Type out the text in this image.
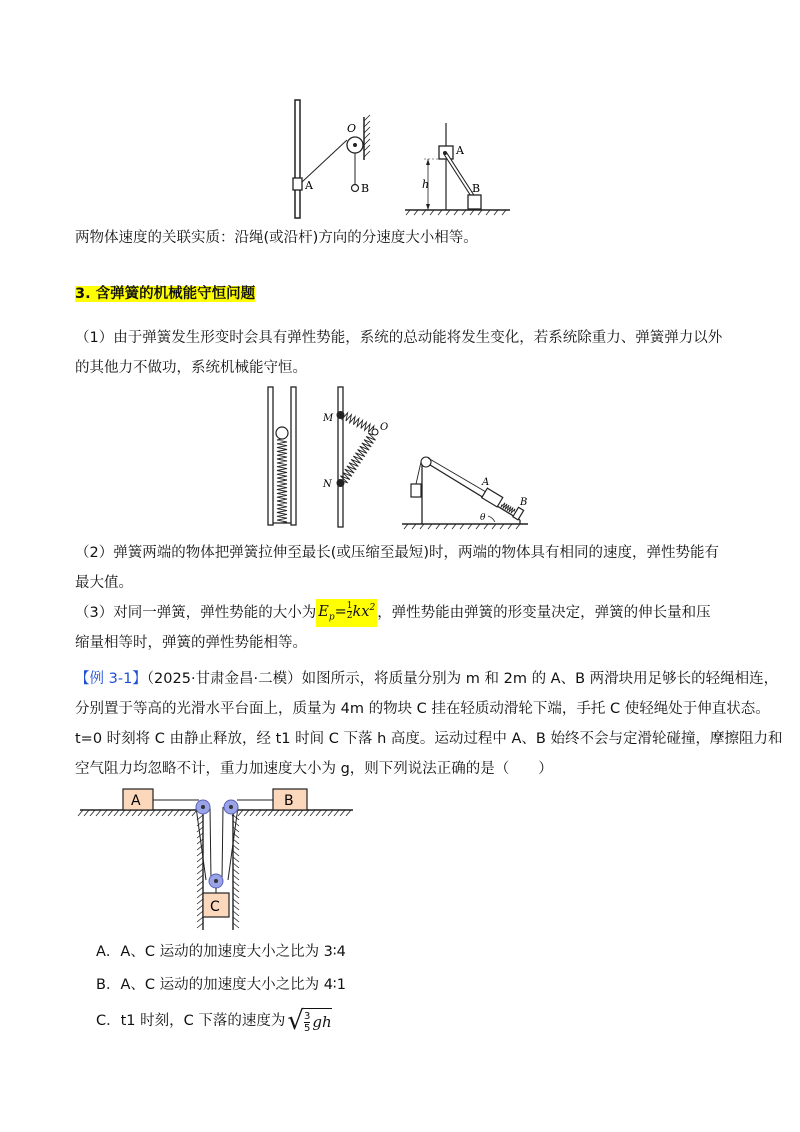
O
A	B
A
B
h
两物体速度的关联实质：沿绳(或沿杆)方向的分速度大小相等。
3. 含弹簧的机械能守恒问题
（1）由于弹簧发生形变时会具有弹性势能，系统的总动能将发生变化，若系统除重力、弹簧弹力以外的其他力不做功，系统机械能守恒。
M
N
O
A
B
θ
（2）弹簧两端的物体把弹簧拉伸至最长(或压缩至最短)时，两端的物体具有相同的速度，弹性势能有最大值。
（3）对同一弹簧，弹性势能的大小为 $E_p= \frac{1}{2} kx^2$ ，弹性势能由弹簧的形变量决定，弹簧的伸长量和压缩量相等时，弹簧的弹性势能相等。
【例 3-1】（2025·甘肃金昌·二模）如图所示，将质量分别为 m 和 2m 的 A、B 两滑块用足够长的轻绳相连，
分别置于等高的光滑水平台面上，质量为 4m 的物块 C 挂在轻质动滑轮下端，手托 C 使轻绳处于伸直状态。
t=0 时刻将 C 由静止释放，经 t1 时间 C 下落 h 高度。运动过程中 A、B 始终不会与定滑轮碰撞，摩擦阻力和
空气阻力均忽略不计，重力加速度大小为 g，则下列说法正确的是（　　）
A	B
C
A．A、C 运动的加速度大小之比为 3∶4
B．A、C 运动的加速度大小之比为 4∶1
C．t1 时刻，C 下落的速度为 √ $\frac{3}{5}$ gh
